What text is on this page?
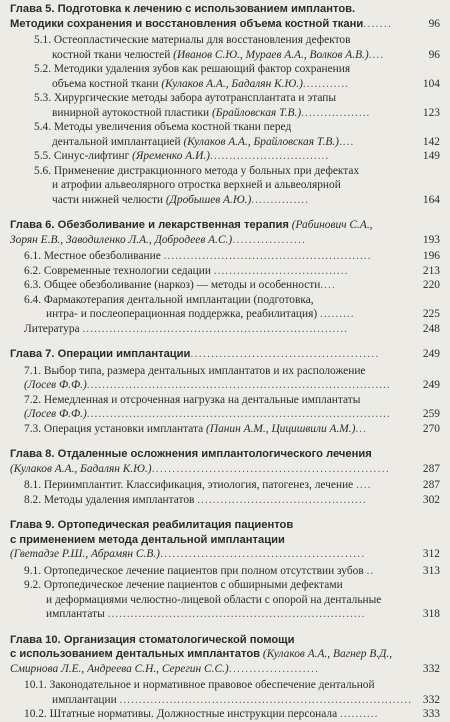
Глава 5. Подготовка к лечению с использованием имплантов.
Методики сохранения и восстановления объема костной ткани.......	96
5.1. Остеопластические материалы для восстановления дефектов
костной ткани челюстей (Иванов С.Ю., Мураев А.А., Волков А.В.)....	96
5.2. Методики удаления зубов как решающий фактор сохранения
объема костной ткани (Кулаков А.А., Бадалян К.Ю.)............	104
5.3. Хирургические методы забора аутотрансплантата и этапы
винирной аутокостной пластики (Брайловская Т.В.)..................	123
5.4. Методы увеличения объема костной ткани перед
дентальной имплантацией (Кулаков А.А., Брайловская Т.В.)....	142
5.5. Синус-лифтинг (Яременко А.И.)...............................	149
5.6. Применение дистракционного метода у больных при дефектах
и атрофии альвеолярного отростка верхней и альвеолярной
части нижней челюсти (Дробышев А.Ю.)...............	164
Глава 6. Обезболивание и лекарственная терапия (Рабинович С.А.,
Зорян Е.В., Заводиленко Л.А., Добродеев А.С.)..................	193
6.1. Местное обезболивание ......................................................	196
6.2. Современные технологии седации ...................................	213
6.3. Общее обезболивание (наркоз) — методы и особенности....	220
6.4. Фармакотерапия дентальной имплантации (подготовка,
интра- и послеоперационная поддержка, реабилитация) .........	225
Литература .....................................................................	248
Глава 7. Операции имплантации..............................................	249
7.1. Выбор типа, размера дентальных имплантатов и их расположение
(Лосев Ф.Ф.)...............................................................................	249
7.2. Немедленная и отсроченная нагрузка на дентальные имплантаты
(Лосев Ф.Ф.)...............................................................................	259
7.3. Операция установки имплантата (Панин А.М., Цицишвили А.М.)...	270
Глава 8. Отдаленные осложнения имплантологического лечения
(Кулаков А.А., Бадалян К.Ю.)..........................................................	287
8.1. Периимплантит. Классификация, этиология, патогенез, лечение ....	287
8.2. Методы удаления имплантатов ............................................	302
Глава 9. Ортопедическая реабилитация пациентов
с применением метода дентальной имплантации
(Гветадзе Р.Ш., Абрамян С.В.)..................................................	312
9.1. Ортопедическое лечение пациентов при полном отсутствии зубов ..	313
9.2. Ортопедическое лечение пациентов с обширными дефектами
и деформациями челюстно-лицевой области с опорой на дентальные
имплантаты ...................................................................	318
Глава 10. Организация стоматологической помощи
с использованием дентальных имплантатов (Кулаков А.А., Вагнер В.Д.,
Смирнова Л.Е., Андреева С.Н., Серегин С.С.)......................	332
10.1. Законодательное и нормативное правовое обеспечение дентальной
имплантации ............................................................................ 332
10.2. Штатные нормативы. Должностные инструкции персонала ..........	333
